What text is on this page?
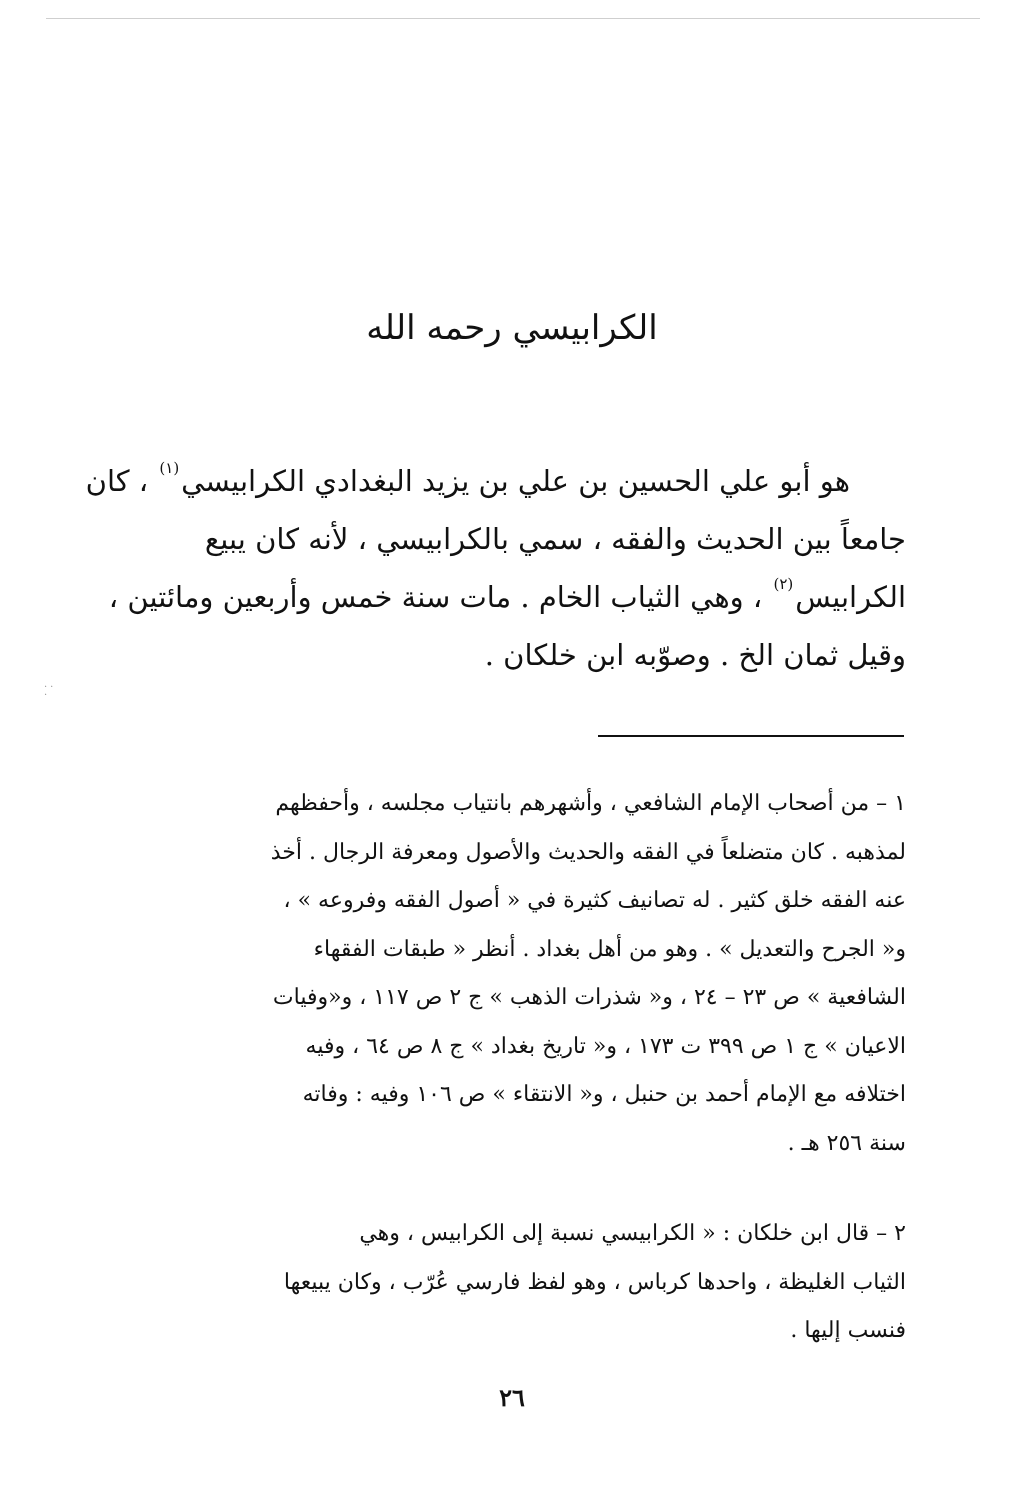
··
·
الكرابيسي رحمه الله
هو أبو علي الحسين بن علي بن يزيد البغدادي الكرابيسي$^{(١)}$ ، كان
جامعاً بين الحديث والفقه ، سمي بالكرابيسي ، لأنه كان يبيع
الكرابيس$^{(٢)}$ ، وهي الثياب الخام . مات سنة خمس وأربعين ومائتين ،
وقيل ثمان الخ . وصوّبه ابن خلكان .
١ – من أصحاب الإمام الشافعي ، وأشهرهم بانتياب مجلسه ، وأحفظهم
لمذهبه . كان متضلعاً في الفقه والحديث والأصول ومعرفة الرجال . أخذ
عنه الفقه خلق كثير . له تصانيف كثيرة في « أصول الفقه وفروعه » ،
و« الجرح والتعديل » . وهو من أهل بغداد . أنظر « طبقات الفقهاء
الشافعية » ص ٢٣ – ٢٤ ، و« شذرات الذهب » ج ٢ ص ١١٧ ، و«وفيات
الاعيان » ج ١ ص ٣٩٩ ت ١٧٣ ، و« تاريخ بغداد » ج ٨ ص ٦٤ ، وفيه
اختلافه مع الإمام أحمد بن حنبل ، و« الانتقاء » ص ١٠٦ وفيه : وفاته
سنة ٢٥٦ هـ .
٢ – قال ابن خلكان : « الكرابيسي نسبة إلى الكرابيس ، وهي
الثياب الغليظة ، واحدها كرباس ، وهو لفظ فارسي عُرّب ، وكان يبيعها
فنسب إليها .
٢٦
